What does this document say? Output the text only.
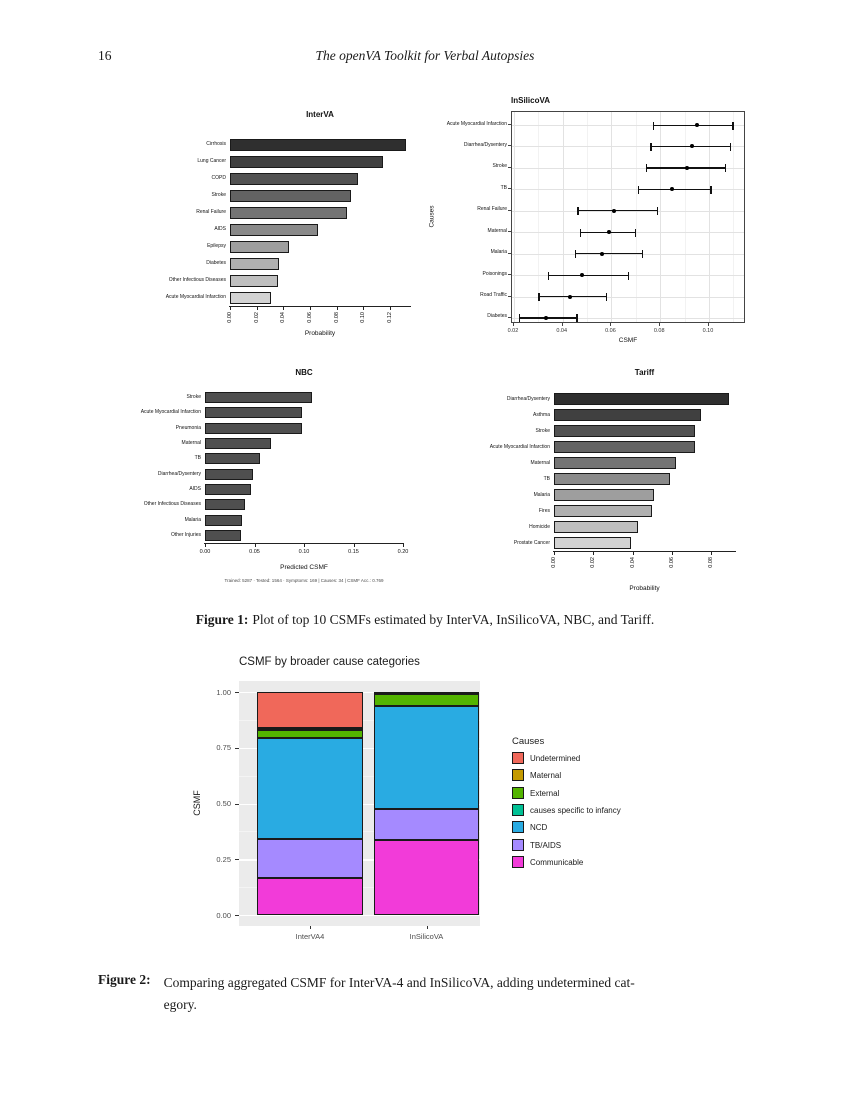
16	The openVA Toolkit for Verbal Autopsies
InterVA
0.00	0.02	0.04	0.06	0.08	0.10	0.12
Probability
Cirrhosis
Lung Cancer
COPD
Stroke
Renal Failure
AIDS
Epilepsy
Diabetes
Other Infectious Diseases
Acute Myocardial Infarction
InSilicoVA
Acute Myocardial Infarction
Diarrhea/Dysentery
Stroke
TB
Renal Failure
Maternal
Malaria
Poisonings
Road Traffic
Diabetes
0.02	0.04	0.06	0.08	0.10
CSMF
Causes
NBC
0.00	0.05	0.10	0.15	0.20
Predicted CSMF
Stroke
Acute Myocardial Infarction
Pneumonia
Maternal
TB
Diarrhea/Dysentery
AIDS
Other Infectious Diseases
Malaria
Other Injuries
Trained: 5287 · Tested: 1564 · Symptoms: 169 | Causes: 34 | CSMF Acc.: 0.769
Tariff
0.00	0.02	0.04	0.06	0.08
Probability
Diarrhea/Dysentery
Asthma
Stroke
Acute Myocardial Infarction
Maternal
TB
Malaria
Fires
Homicide
Prostate Cancer
Figure 1: Plot of top 10 CSMFs estimated by InterVA, InSilicoVA, NBC, and Tariff.
CSMF by broader cause categories
InterVA4	InSilicoVA
0.00
0.25
0.50
0.75
1.00
CSMF
Causes
Undetermined
Maternal
External
causes specific to infancy
NCD
TB/AIDS
Communicable
Figure 2: Comparing aggregated CSMF for InterVA-4 and InSilicoVA, adding undetermined cat-
egory.
